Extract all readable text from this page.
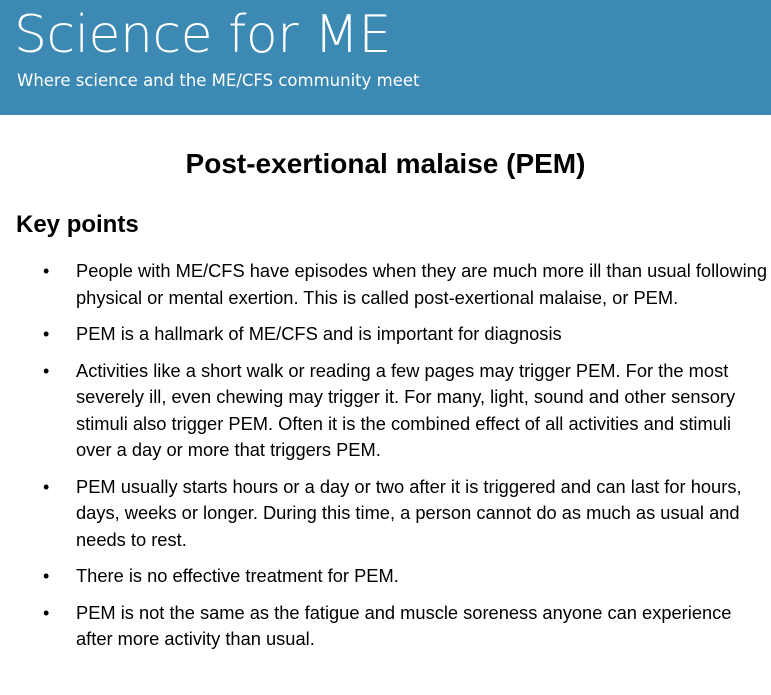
Science for ME
Where science and the ME/CFS community meet
Post-exertional malaise (PEM)
Key points
• People with ME/CFS have episodes when they are much more ill than usual following physical or mental exertion. This is called post-exertional malaise, or PEM.
• PEM is a hallmark of ME/CFS and is important for diagnosis
• Activities like a short walk or reading a few pages may trigger PEM. For the most severely ill, even chewing may trigger it. For many, light, sound and other sensory stimuli also trigger PEM. Often it is the combined effect of all activities and stimuli over a day or more that triggers PEM.
• PEM usually starts hours or a day or two after it is triggered and can last for hours, days, weeks or longer. During this time, a person cannot do as much as usual and needs to rest.
• There is no effective treatment for PEM.
• PEM is not the same as the fatigue and muscle soreness anyone can experience after more activity than usual.
